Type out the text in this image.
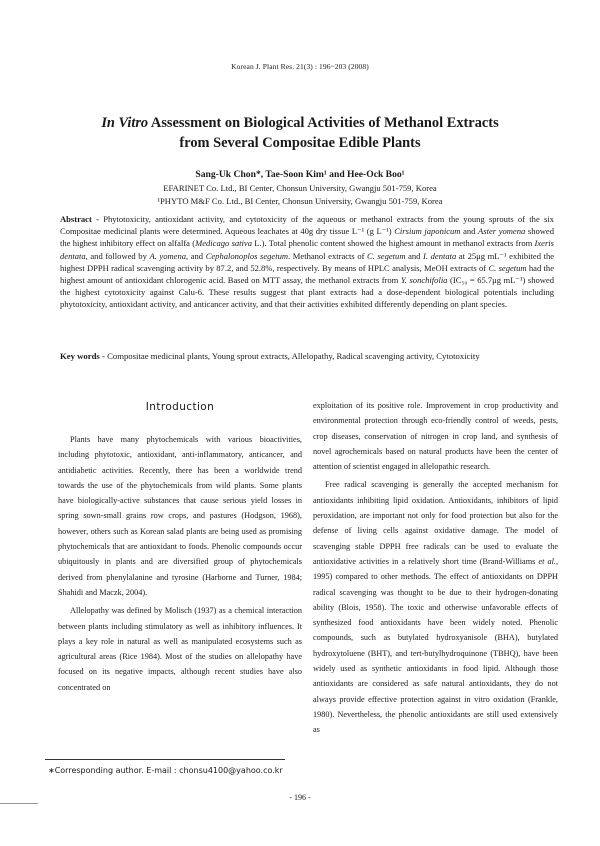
Korean J. Plant Res. 21(3) : 196~203 (2008)
In Vitro Assessment on Biological Activities of Methanol Extracts
from Several Compositae Edible Plants
Sang-Uk Chon*, Tae-Soon Kim¹ and Hee-Ock Boo¹
EFARINET Co. Ltd., BI Center, Chonsun University, Gwangju 501-759, Korea
¹PHYTO M&F Co. Ltd., BI Center, Chonsun University, Gwangju 501-759, Korea
Abstract - Phytotoxicity, antioxidant activity, and cytotoxicity of the aqueous or methanol extracts from the young sprouts of the six Compositae medicinal plants were determined. Aqueous leachates at 40g dry tissue L⁻¹ (g L⁻¹) Cirsium japonicum and Aster yomena showed the highest inhibitory effect on alfalfa (Medicago sativa L.). Total phenolic content showed the highest amount in methanol extracts from Ixeris dentata, and followed by A. yomena, and Cephalonoplos segetum. Methanol extracts of C. segetum and I. dentata at 25μg mL⁻¹ exhibited the highest DPPH radical scavenging activity by 87.2, and 52.8%, respectively. By means of HPLC analysis, MeOH extracts of C. segetum had the highest amount of antioxidant chlorogenic acid. Based on MTT assay, the methanol extracts from Y. sonchifolia (IC₅₀ = 65.7μg mL⁻¹) showed the highest cytotoxicity against Calu-6. These results suggest that plant extracts had a dose-dependent biological potentials including phytotoxicity, antioxidant activity, and anticancer activity, and that their activities exhibited differently depending on plant species.
Key words - Compositae medicinal plants, Young sprout extracts, Allelopathy, Radical scavenging activity, Cytotoxicity
Introduction

Plants have many phytochemicals with various bioactivities, including phytotoxic, antioxidant, anti-inflammatory, anticancer, and antidiabetic activities. Recently, there has been a worldwide trend towards the use of the phytochemicals from wild plants. Some plants have biologically-active substances that cause serious yield losses in spring sown-small grains row crops, and pastures (Hodgson, 1968), however, others such as Korean salad plants are being used as promising phytochemicals that are antioxidant to foods. Phenolic compounds occur ubiquitously in plants and are diversified group of phytochemicals derived from phenylalanine and tyrosine (Harborne and Turner, 1984; Shahidi and Maczk, 2004).

Allelopathy was defined by Molisch (1937) as a chemical interaction between plants including stimulatory as well as inhibitory influences. It plays a key role in natural as well as manipulated ecosystems such as agricultural areas (Rice 1984). Most of the studies on allelopathy have focused on its negative impacts, although recent studies have also concentrated on

exploitation of its positive role. Improvement in crop productivity and environmental protection through eco-friendly control of weeds, pests, crop diseases, conservation of nitrogen in crop land, and synthesis of novel agrochemicals based on natural products have been the center of attention of scientist engaged in allelopathic research.

Free radical scavenging is generally the accepted mechanism for antioxidants inhibiting lipid oxidation. Antioxidants, inhibitors of lipid peroxidation, are important not only for food protection but also for the defense of living cells against oxidative damage. The model of scavenging stable DPPH free radicals can be used to evaluate the antioxidative activities in a relatively short time (Brand-Williams et al., 1995) compared to other methods. The effect of antioxidants on DPPH radical scavenging was thought to be due to their hydrogen-donating ability (Blois, 1958). The toxic and otherwise unfavorable effects of synthesized food antioxidants have been widely noted. Phenolic compounds, such as butylated hydroxyanisole (BHA), butylated hydroxytoluene (BHT), and tert-butylhydroquinone (TBHQ), have been widely used as synthetic antioxidants in food lipid. Although those antioxidants are considered as safe natural antioxidants, they do not always provide effective protection against in vitro oxidation (Frankle, 1980). Nevertheless, the phenolic antioxidants are still used extensively as

∗Corresponding author. E-mail : chonsu4100@yahoo.co.kr
- 196 -
